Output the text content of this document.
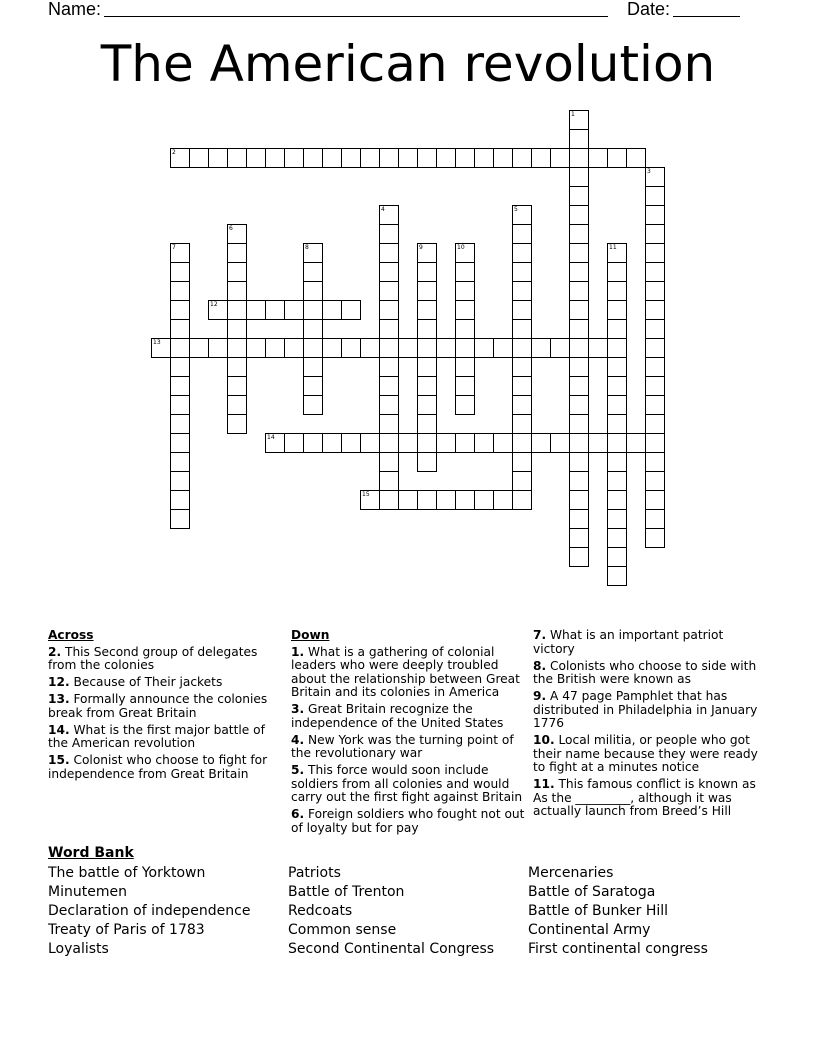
Name:	Date:
The American revolution
1
2
3
4	5
6
7	8	9	10	11
12
13
14
15
Across
2. This Second group of delegates from the colonies
12. Because of Their jackets
13. Formally announce the colonies break from Great Britain
14. What is the first major battle of the American revolution
15. Colonist who choose to fight for independence from Great Britain
Down
1. What is a gathering of colonial leaders who were deeply troubled about the relationship between Great Britain and its colonies in America
3. Great Britain recognize the independence of the United States
4. New York was the turning point of the revolutionary war
5. This force would soon include soldiers from all colonies and would carry out the first fight against Britain
6. Foreign soldiers who fought not out of loyalty but for pay
7. What is an important patriot victory
8. Colonists who choose to side with the British were known as
9. A 47 page Pamphlet that has distributed in Philadelphia in January 1776
10. Local militia, or people who got their name because they were ready to fight at a minutes notice
11. This famous conflict is known as As the _________, although it was actually launch from Breed’s Hill
Word Bank
The battle of Yorktown
Minutemen
Declaration of independence
Treaty of Paris of 1783
Loyalists
Patriots
Battle of Trenton
Redcoats
Common sense
Second Continental Congress
Mercenaries
Battle of Saratoga
Battle of Bunker Hill
Continental Army
First continental congress
